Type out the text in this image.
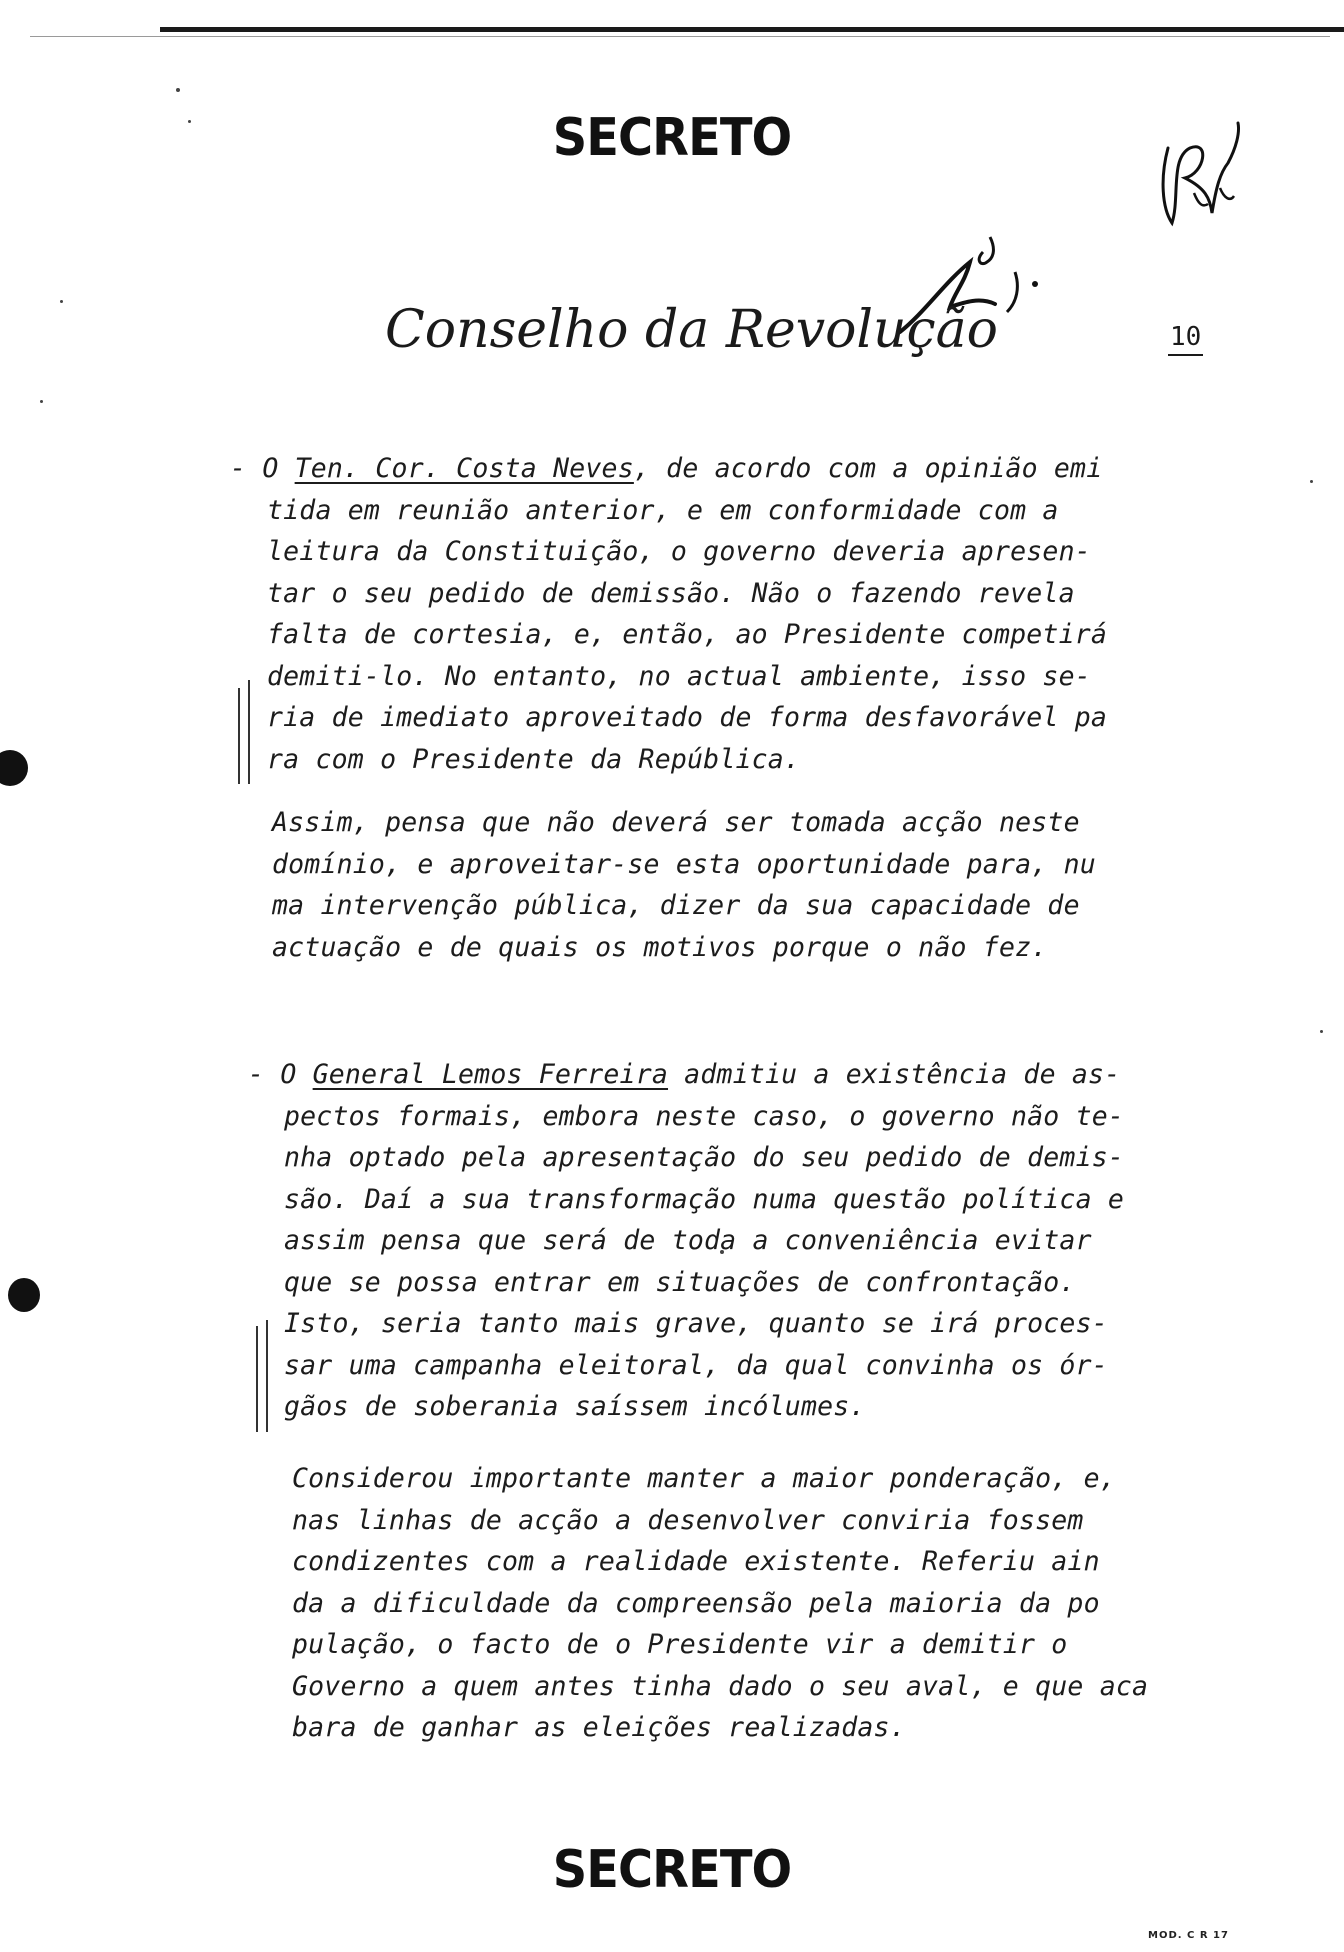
SECRETO
Conselho da Revolução	10
- O Ten. Cor. Costa Neves, de acordo com a opinião emi
tida em reunião anterior, e em conformidade com a
leitura da Constituição, o governo deveria apresen-
tar o seu pedido de demissão. Não o fazendo revela
falta de cortesia, e, então, ao Presidente competirá
demiti-lo. No entanto, no actual ambiente, isso se-
ria de imediato aproveitado de forma desfavorável pa
ra com o Presidente da República.
Assim, pensa que não deverá ser tomada acção neste
domínio, e aproveitar-se esta oportunidade para, nu
ma intervenção pública, dizer da sua capacidade de
actuação e de quais os motivos porque o não fez.
- O General Lemos Ferreira admitiu a existência de as-
pectos formais, embora neste caso, o governo não te-
nha optado pela apresentação do seu pedido de demis-
são. Daí a sua transformação numa questão política e
assim pensa que será de toda a conveniência evitar
que se possa entrar em situações de confrontação.
Isto, seria tanto mais grave, quanto se irá proces-
sar uma campanha eleitoral, da qual convinha os ór-
gãos de soberania saíssem incólumes.
Considerou importante manter a maior ponderação, e,
nas linhas de acção a desenvolver conviria fossem
condizentes com a realidade existente. Referiu ain
da a dificuldade da compreensão pela maioria da po
pulação, o facto de o Presidente vir a demitir o
Governo a quem antes tinha dado o seu aval, e que aca
bara de ganhar as eleições realizadas.
SECRETO
MOD. C R 17
